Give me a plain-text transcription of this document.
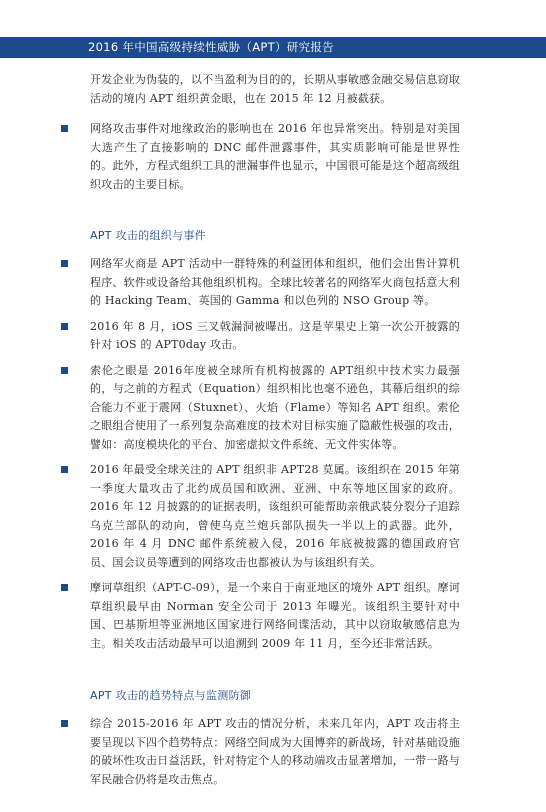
2016 年中国高级持续性威胁（APT）研究报告

开发企业为伪装的，以不当盈利为目的的，长期从事敏感金融交易信息窃取活动的境内 APT 组织黄金眼，也在 2015 年 12 月被截获。

网络攻击事件对地缘政治的影响也在 2016 年也异常突出。特别是对美国大选产生了直接影响的 DNC 邮件泄露事件，其实质影响可能是世界性的。此外，方程式组织工具的泄漏事件也显示，中国很可能是这个超高级组织攻击的主要目标。
APT 攻击的组织与事件
网络军火商是 APT 活动中一群特殊的利益团体和组织，他们会出售计算机程序、软件或设备给其他组织机构。全球比较著名的网络军火商包括意大利的 Hacking Team、英国的 Gamma 和以色列的 NSO Group 等。
2016 年 8 月，iOS 三叉戟漏洞被曝出。这是苹果史上第一次公开披露的针对 iOS 的 APT0day 攻击。
索伦之眼是 2016年度被全球所有机构披露的 APT组织中技术实力最强的，与之前的方程式（Equation）组织相比也毫不逊色，其幕后组织的综合能力不亚于震网（Stuxnet）、火焰（Flame）等知名 APT 组织。索伦之眼组合使用了一系列复杂高难度的技术对目标实施了隐蔽性极强的攻击，譬如：高度模块化的平台、加密虚拟文件系统、无文件实体等。
2016 年最受全球关注的 APT 组织非 APT28 莫属。该组织在 2015 年第一季度大量攻击了北约成员国和欧洲、亚洲、中东等地区国家的政府。2016 年 12 月披露的的证据表明，该组织可能帮助亲俄武装分裂分子追踪乌克兰部队的动向，曾使乌克兰炮兵部队损失一半以上的武器。此外，2016 年 4 月 DNC 邮件系统被入侵，2016 年底被披露的德国政府官员、国会议员等遭到的网络攻击也都被认为与该组织有关。
摩诃草组织（APT-C-09），是一个来自于南亚地区的境外 APT 组织。摩诃草组织最早由 Norman 安全公司于 2013 年曝光。该组织主要针对中国、巴基斯坦等亚洲地区国家进行网络间谍活动，其中以窃取敏感信息为主。相关攻击活动最早可以追溯到 2009 年 11 月，至今还非常活跃。
APT 攻击的趋势特点与监测防御
综合 2015-2016 年 APT 攻击的情况分析，未来几年内，APT 攻击将主要呈现以下四个趋势特点：网络空间成为大国博弈的新战场，针对基础设施的破坏性攻击日益活跃，针对特定个人的移动端攻击显著增加，一带一路与军民融合仍将是攻击焦点。
